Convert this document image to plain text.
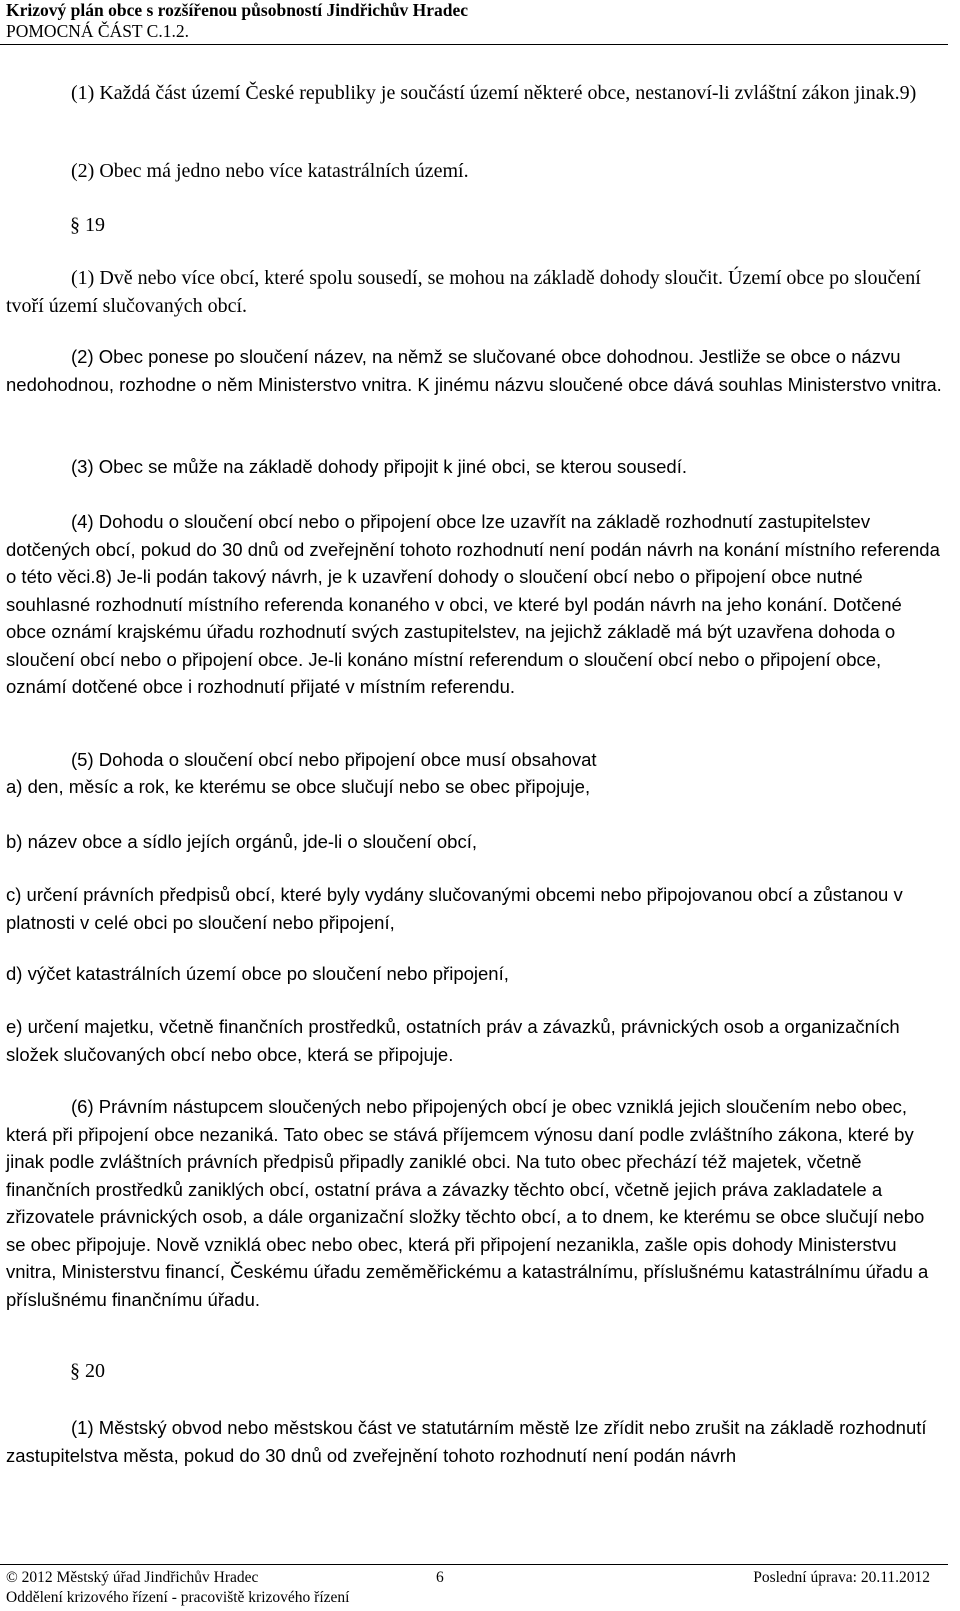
Krizový plán obce s rozšířenou působností Jindřichův Hradec
POMOCNÁ ČÁST C.1.2.
(1) Každá část území České republiky je součástí území některé obce, nestanoví-li zvláštní zákon jinak.9)
(2) Obec má jedno nebo více katastrálních území.
§ 19
(1) Dvě nebo více obcí, které spolu sousedí, se mohou na základě dohody sloučit. Území obce po sloučení tvoří území slučovaných obcí.
(2) Obec ponese po sloučení název, na němž se slučované obce dohodnou. Jestliže se obce o názvu nedohodnou, rozhodne o něm Ministerstvo vnitra. K jinému názvu sloučené obce dává souhlas Ministerstvo vnitra.
(3) Obec se může na základě dohody připojit k jiné obci, se kterou sousedí.
(4) Dohodu o sloučení obcí nebo o připojení obce lze uzavřít na základě rozhodnutí zastupitelstev dotčených obcí, pokud do 30 dnů od zveřejnění tohoto rozhodnutí není podán návrh na konání místního referenda o této věci.8) Je-li podán takový návrh, je k uzavření dohody o sloučení obcí nebo o připojení obce nutné souhlasné rozhodnutí místního referenda konaného v obci, ve které byl podán návrh na jeho konání. Dotčené obce oznámí krajskému úřadu rozhodnutí svých zastupitelstev, na jejichž základě má být uzavřena dohoda o sloučení obcí nebo o připojení obce. Je-li konáno místní referendum o sloučení obcí nebo o připojení obce, oznámí dotčené obce i rozhodnutí přijaté v místním referendu.
(5) Dohoda o sloučení obcí nebo připojení obce musí obsahovat
a) den, měsíc a rok, ke kterému se obce slučují nebo se obec připojuje,
b) název obce a sídlo jejích orgánů, jde-li o sloučení obcí,
c) určení právních předpisů obcí, které byly vydány slučovanými obcemi nebo připojovanou obcí a zůstanou v platnosti v celé obci po sloučení nebo připojení,
d) výčet katastrálních území obce po sloučení nebo připojení,
e) určení majetku, včetně finančních prostředků, ostatních práv a závazků, právnických osob a organizačních složek slučovaných obcí nebo obce, která se připojuje.
(6) Právním nástupcem sloučených nebo připojených obcí je obec vzniklá jejich sloučením nebo obec, která při připojení obce nezaniká. Tato obec se stává příjemcem výnosu daní podle zvláštního zákona, které by jinak podle zvláštních právních předpisů připadly zaniklé obci. Na tuto obec přechází též majetek, včetně finančních prostředků zaniklých obcí, ostatní práva a závazky těchto obcí, včetně jejich práva zakladatele a zřizovatele právnických osob, a dále organizační složky těchto obcí, a to dnem, ke kterému se obce slučují nebo se obec připojuje. Nově vzniklá obec nebo obec, která při připojení nezanikla, zašle opis dohody Ministerstvu vnitra, Ministerstvu financí, Českému úřadu zeměměřickému a katastrálnímu, příslušnému katastrálnímu úřadu a příslušnému finančnímu úřadu.
§ 20
(1) Městský obvod nebo městskou část ve statutárním městě lze zřídit nebo zrušit na základě rozhodnutí zastupitelstva města, pokud do 30 dnů od zveřejnění tohoto rozhodnutí není podán návrh
© 2012 Městský úřad Jindřichův Hradec	6	Poslední úprava: 20.11.2012
Oddělení krizového řízení - pracoviště krizového řízení
